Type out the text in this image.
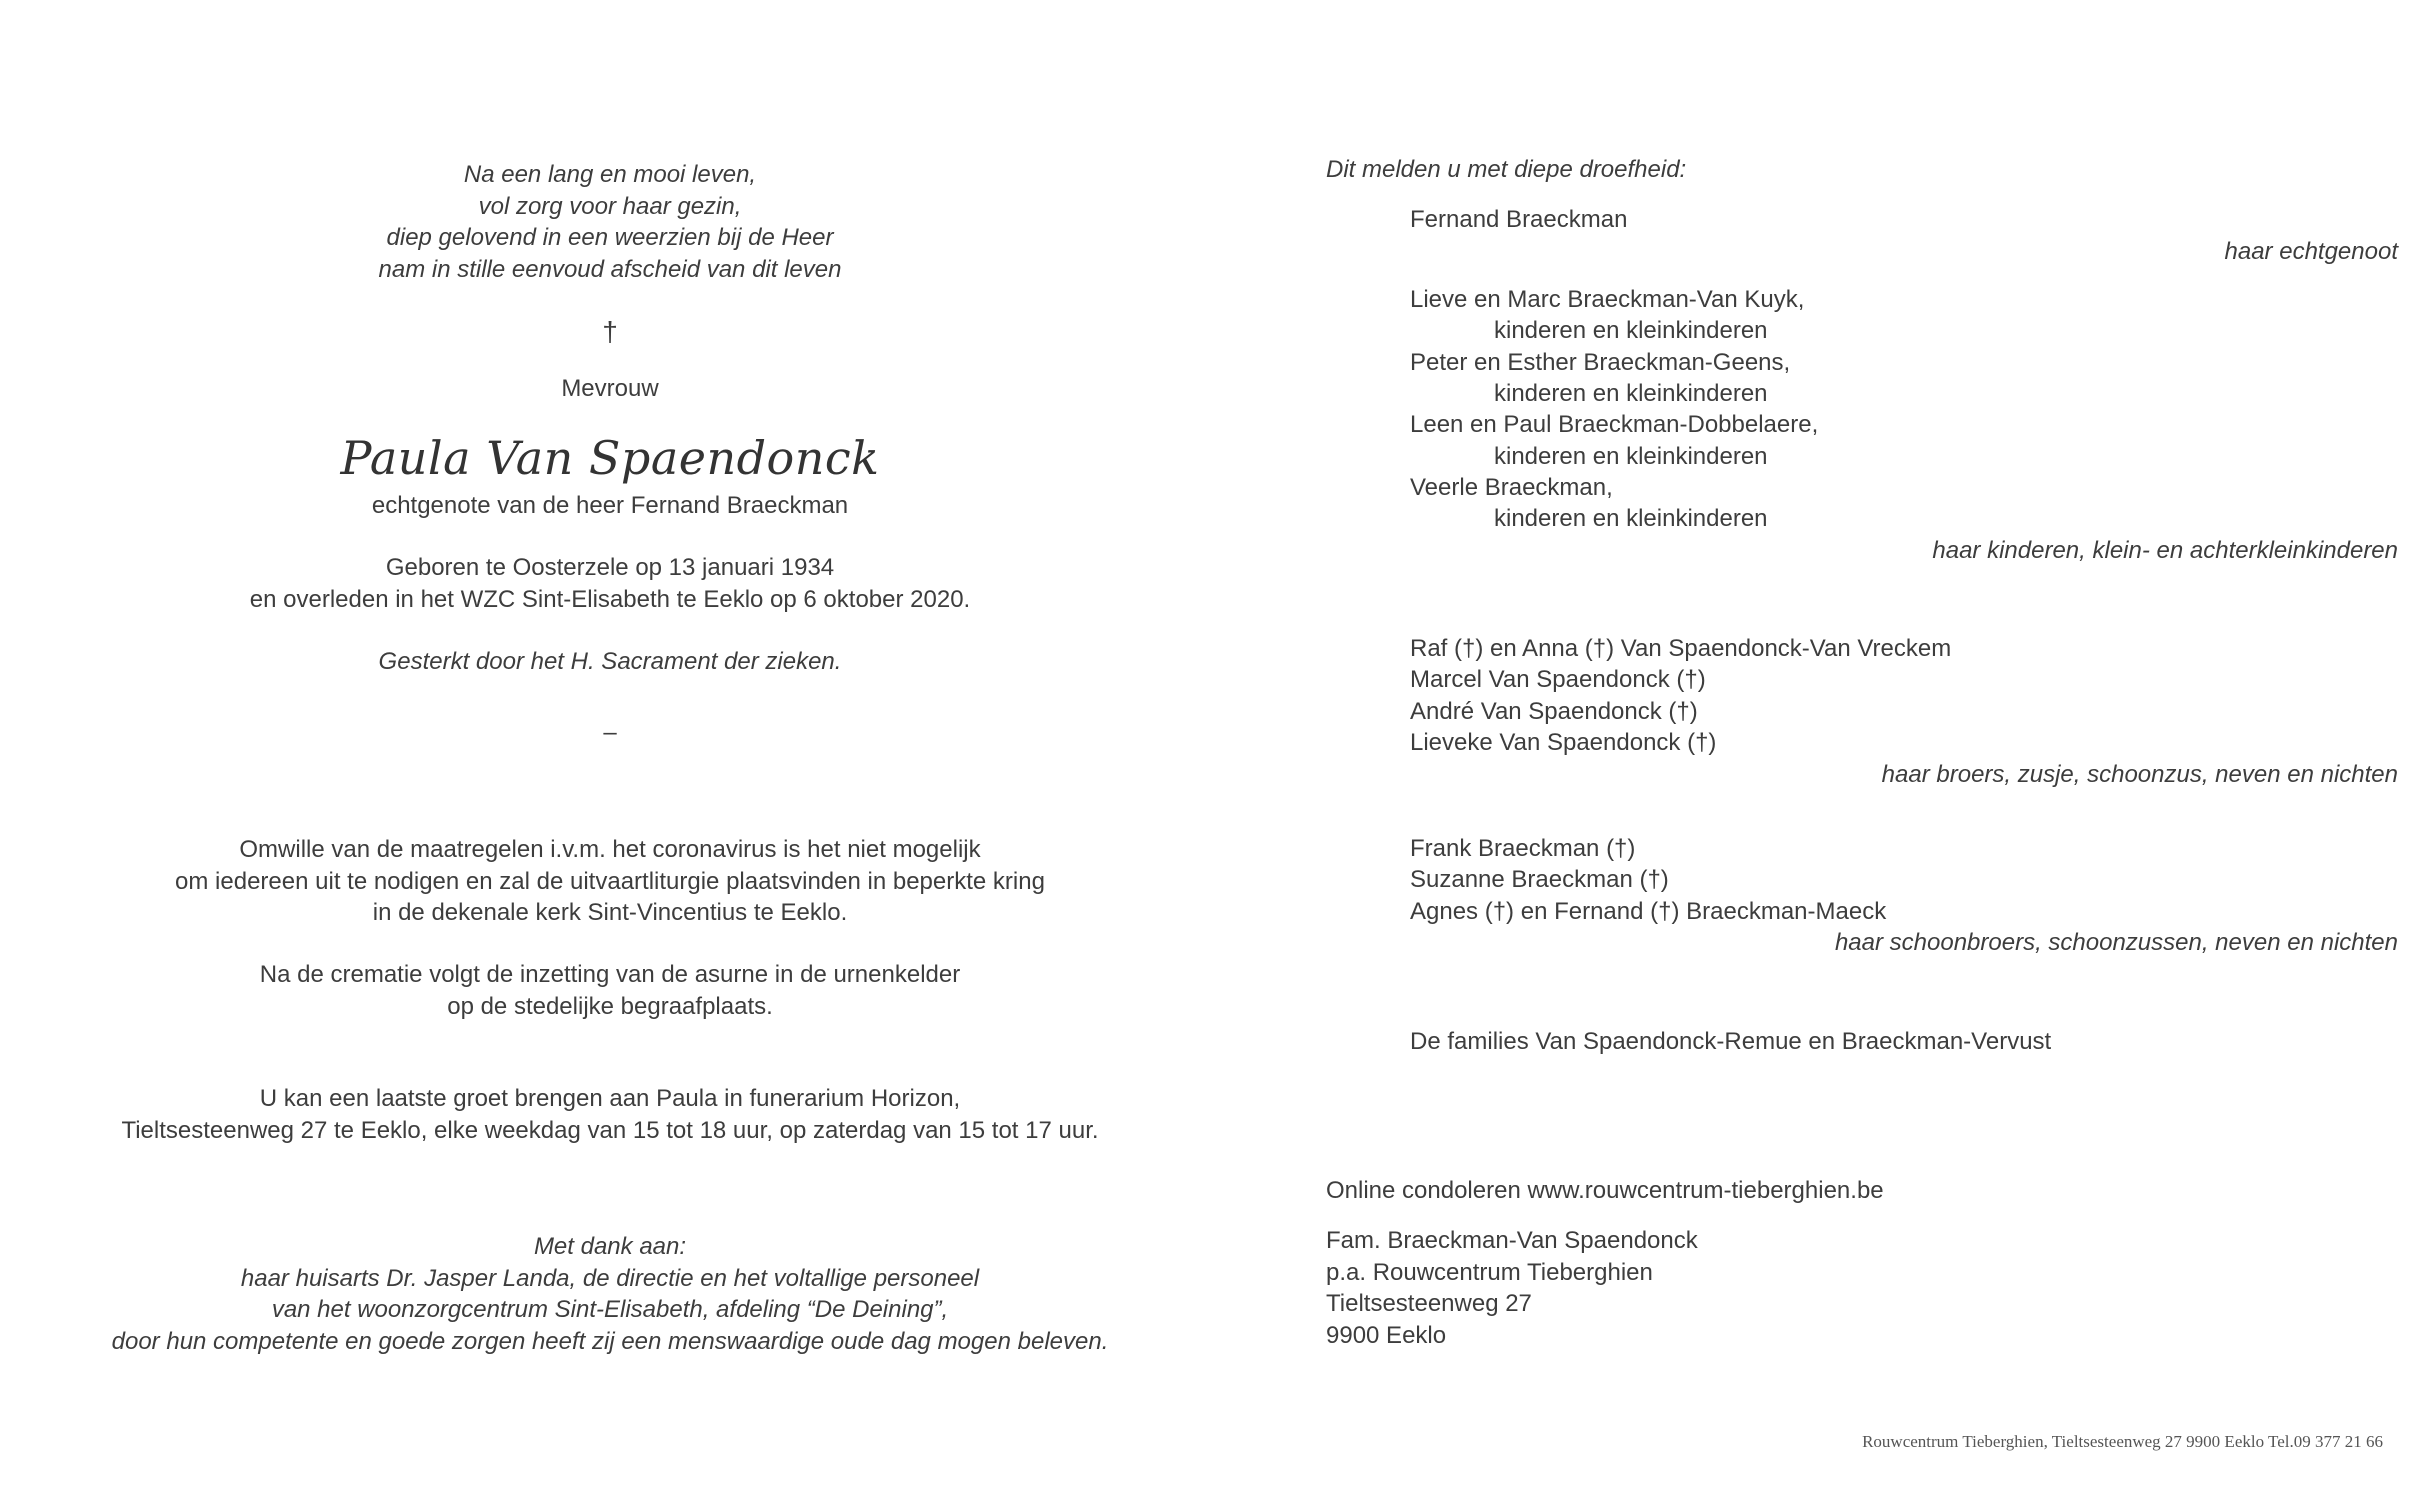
Na een lang en mooi leven,
vol zorg voor haar gezin,
diep gelovend in een weerzien bij de Heer
nam in stille eenvoud afscheid van dit leven
†
Mevrouw
Paula Van Spaendonck
echtgenote van de heer Fernand Braeckman
Geboren te Oosterzele op 13 januari 1934
en overleden in het WZC Sint-Elisabeth te Eeklo op 6 oktober 2020.
Gesterkt door het H. Sacrament der zieken.
–
Omwille van de maatregelen i.v.m. het coronavirus is het niet mogelijk
om iedereen uit te nodigen en zal de uitvaartliturgie plaatsvinden in beperkte kring
in de dekenale kerk Sint-Vincentius te Eeklo.
Na de crematie volgt de inzetting van de asurne in de urnenkelder
op de stedelijke begraafplaats.
U kan een laatste groet brengen aan Paula in funerarium Horizon,
Tieltsesteenweg 27 te Eeklo, elke weekdag van 15 tot 18 uur, op zaterdag van 15 tot 17 uur.
Met dank aan:
haar huisarts Dr. Jasper Landa, de directie en het voltallige personeel
van het woonzorgcentrum Sint-Elisabeth, afdeling “De Deining”,
door hun competente en goede zorgen heeft zij een menswaardige oude dag mogen beleven.
Dit melden u met diepe droefheid:
Fernand Braeckman
haar echtgenoot
Lieve en Marc Braeckman-Van Kuyk,
kinderen en kleinkinderen
Peter en Esther Braeckman-Geens,
kinderen en kleinkinderen
Leen en Paul Braeckman-Dobbelaere,
kinderen en kleinkinderen
Veerle Braeckman,
kinderen en kleinkinderen
haar kinderen, klein- en achterkleinkinderen
Raf (†) en Anna (†) Van Spaendonck-Van Vreckem
Marcel Van Spaendonck (†)
André Van Spaendonck (†)
Lieveke Van Spaendonck (†)
haar broers, zusje, schoonzus, neven en nichten
Frank Braeckman (†)
Suzanne Braeckman (†)
Agnes (†) en Fernand (†) Braeckman-Maeck
haar schoonbroers, schoonzussen, neven en nichten
De families Van Spaendonck-Remue en Braeckman-Vervust
Online condoleren www.rouwcentrum-tieberghien.be
Fam. Braeckman-Van Spaendonck
p.a. Rouwcentrum Tieberghien
Tieltsesteenweg 27
9900 Eeklo
Rouwcentrum Tieberghien, Tieltsesteenweg 27 9900 Eeklo Tel.09 377 21 66
